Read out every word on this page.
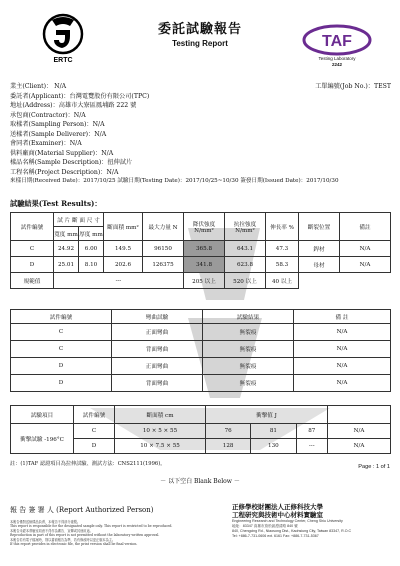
ERTC
委託試驗報告
Testing Report	TAF
Testing Laboratory
2242
業主(Client)： N/A	工單編號(Job No.)：TEST
委託者(Applicant)：台灣電覽股份有限公司(TPC)
地址(Address)：高雄市大寮區鳳埔路 222 號
承包商(Contractor)：N/A
取樣者(Sampling Person)：N/A
送樣者(Sample Deliverer)：N/A
會同者(Examiner)：N/A
供料廠商(Material Supplier)：N/A
樣品名稱(Sample Description)：扭伸試片
工程名稱(Project Description)：N/A
來樣日期(Received Date)：2017/10/25 試驗日期(Testing Date)：2017/10/25~10/30 簽發日期(Issued Date)：2017/10/30
試驗結果(Test Results)：
試件編號	試 片 斷 面 尺 寸		斷面積 mm²	最大力量 N	降伏強度 N/mm²	抗拉強度 N/mm²	伸長率 %	斷裂位置	備註
	寬度 mm	厚度 mm							
C	24.92	6.00	149.5	96150	365.8	643.1	47.3	銲材	N/A
D	25.01	8.10	202.6	126375	341.8	623.8	58.3	母材	N/A
規範值	---				205 以上	520 以上	40 以上		
試件編號	彎曲試驗	試驗結果	備 註
C	正面彎曲	無裂痕	N/A
C	背面彎曲	無裂痕	N/A
D	正面彎曲	無裂痕	N/A
D	背面彎曲	無裂痕	N/A
試驗項目	試件編號	斷面積 cm	衝擊值 J			
衝擊試驗 -196°C	C	10 × 5 × 55	76	81	87	N/A
	D	10 × 7.5 × 55	128	130	---	N/A
註：(1)TAF 認證項目為拉伸試驗、測試方法：CNS2111(1996)。	Page : 1 of 1
－ 以下空白 Blank Below －
報 告 簽 署 人 (Report Authorized Person)
本報告僅對送檢樣品負責，本報告不得部分複製。
This report is responsible for the designated sample only. This report is restricted to be reproduced.
本報告未經本實驗室同意不得作為廣告、宣傳或其他用途。
Reproduction in part of this report is not permitted without the laboratory written approval.
本報告若有電子檔案時，則以書面報告為準，若有修改時以更正版本為主。
If this report provides in electronic file, the print version shall be final version.
正修學校財團法人正修科技大學
工程研究與技術中心材料實驗室
Engineering Research and Technology Center, Cheng Shiu University
地址：83347 高雄市鳥松區澄清路 840 號
840, Chengcing Rd., Niaosong Dist., Kaohsiung City, Taiwan 83347, R.O.C
Tel: +886-7-731-0606 ext. 6161 Fax: +886-7-731-5367
